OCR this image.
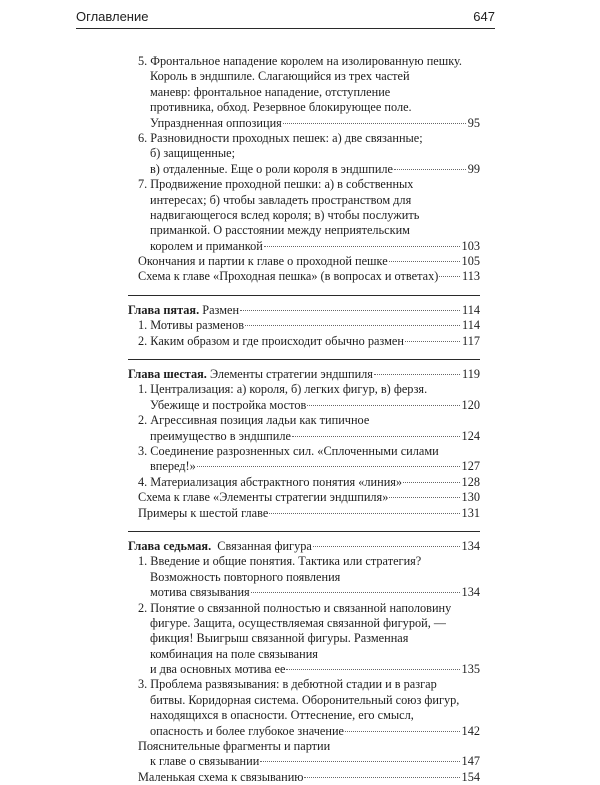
Оглавление	647
5. Фронтальное нападение королем на изолированную пешку.
Король в эндшпиле. Слагающийся из трех частей
маневр: фронтальное нападение, отступление
противника, обход. Резервное блокирующее поле.
Упраздненная оппозиция	95
6. Разновидности проходных пешек: а) две связанные;
б) защищенные;
в) отдаленные. Еще о роли короля в эндшпиле	99
7. Продвижение проходной пешки: а) в собственных
интересах; б) чтобы завладеть пространством для
надвигающегося вслед короля; в) чтобы послужить
приманкой. О расстоянии между неприятельским
королем и приманкой	103
Окончания и партии к главе о проходной пешке	105
Схема к главе «Проходная пешка» (в вопросах и ответах) 113
Глава пятая. Размен	114
1. Мотивы разменов	114
2. Каким образом и где происходит обычно размен	117
Глава шестая. Элементы стратегии эндшпиля	119
1. Централизация: а) короля, б) легких фигур, в) ферзя.
Убежище и постройка мостов	120
2. Агрессивная позиция ладьи как типичное
преимущество в эндшпиле	124
3. Соединение разрозненных сил. «Сплоченными силами
вперед!»	127
4. Материализация абстрактного понятия «линия»	128
Схема к главе «Элементы стратегии эндшпиля»	130
Примеры к шестой главе	131
Глава седьмая.  Связанная фигура	134
1. Введение и общие понятия. Тактика или стратегия?
Возможность повторного появления
мотива связывания	134
2. Понятие о связанной полностью и связанной наполовину
фигуре. Защита, осуществляемая связанной фигурой, —
фикция! Выигрыш связанной фигуры. Разменная
комбинация на поле связывания
и два основных мотива ее	135
3. Проблема развязывания: в дебютной стадии и в разгар
битвы. Коридорная система. Оборонительный союз фигур,
находящихся в опасности. Оттеснение, его смысл,
опасность и более глубокое значение	142
Пояснительные фрагменты и партии
к главе о связывании	147
Маленькая схема к связыванию	154
